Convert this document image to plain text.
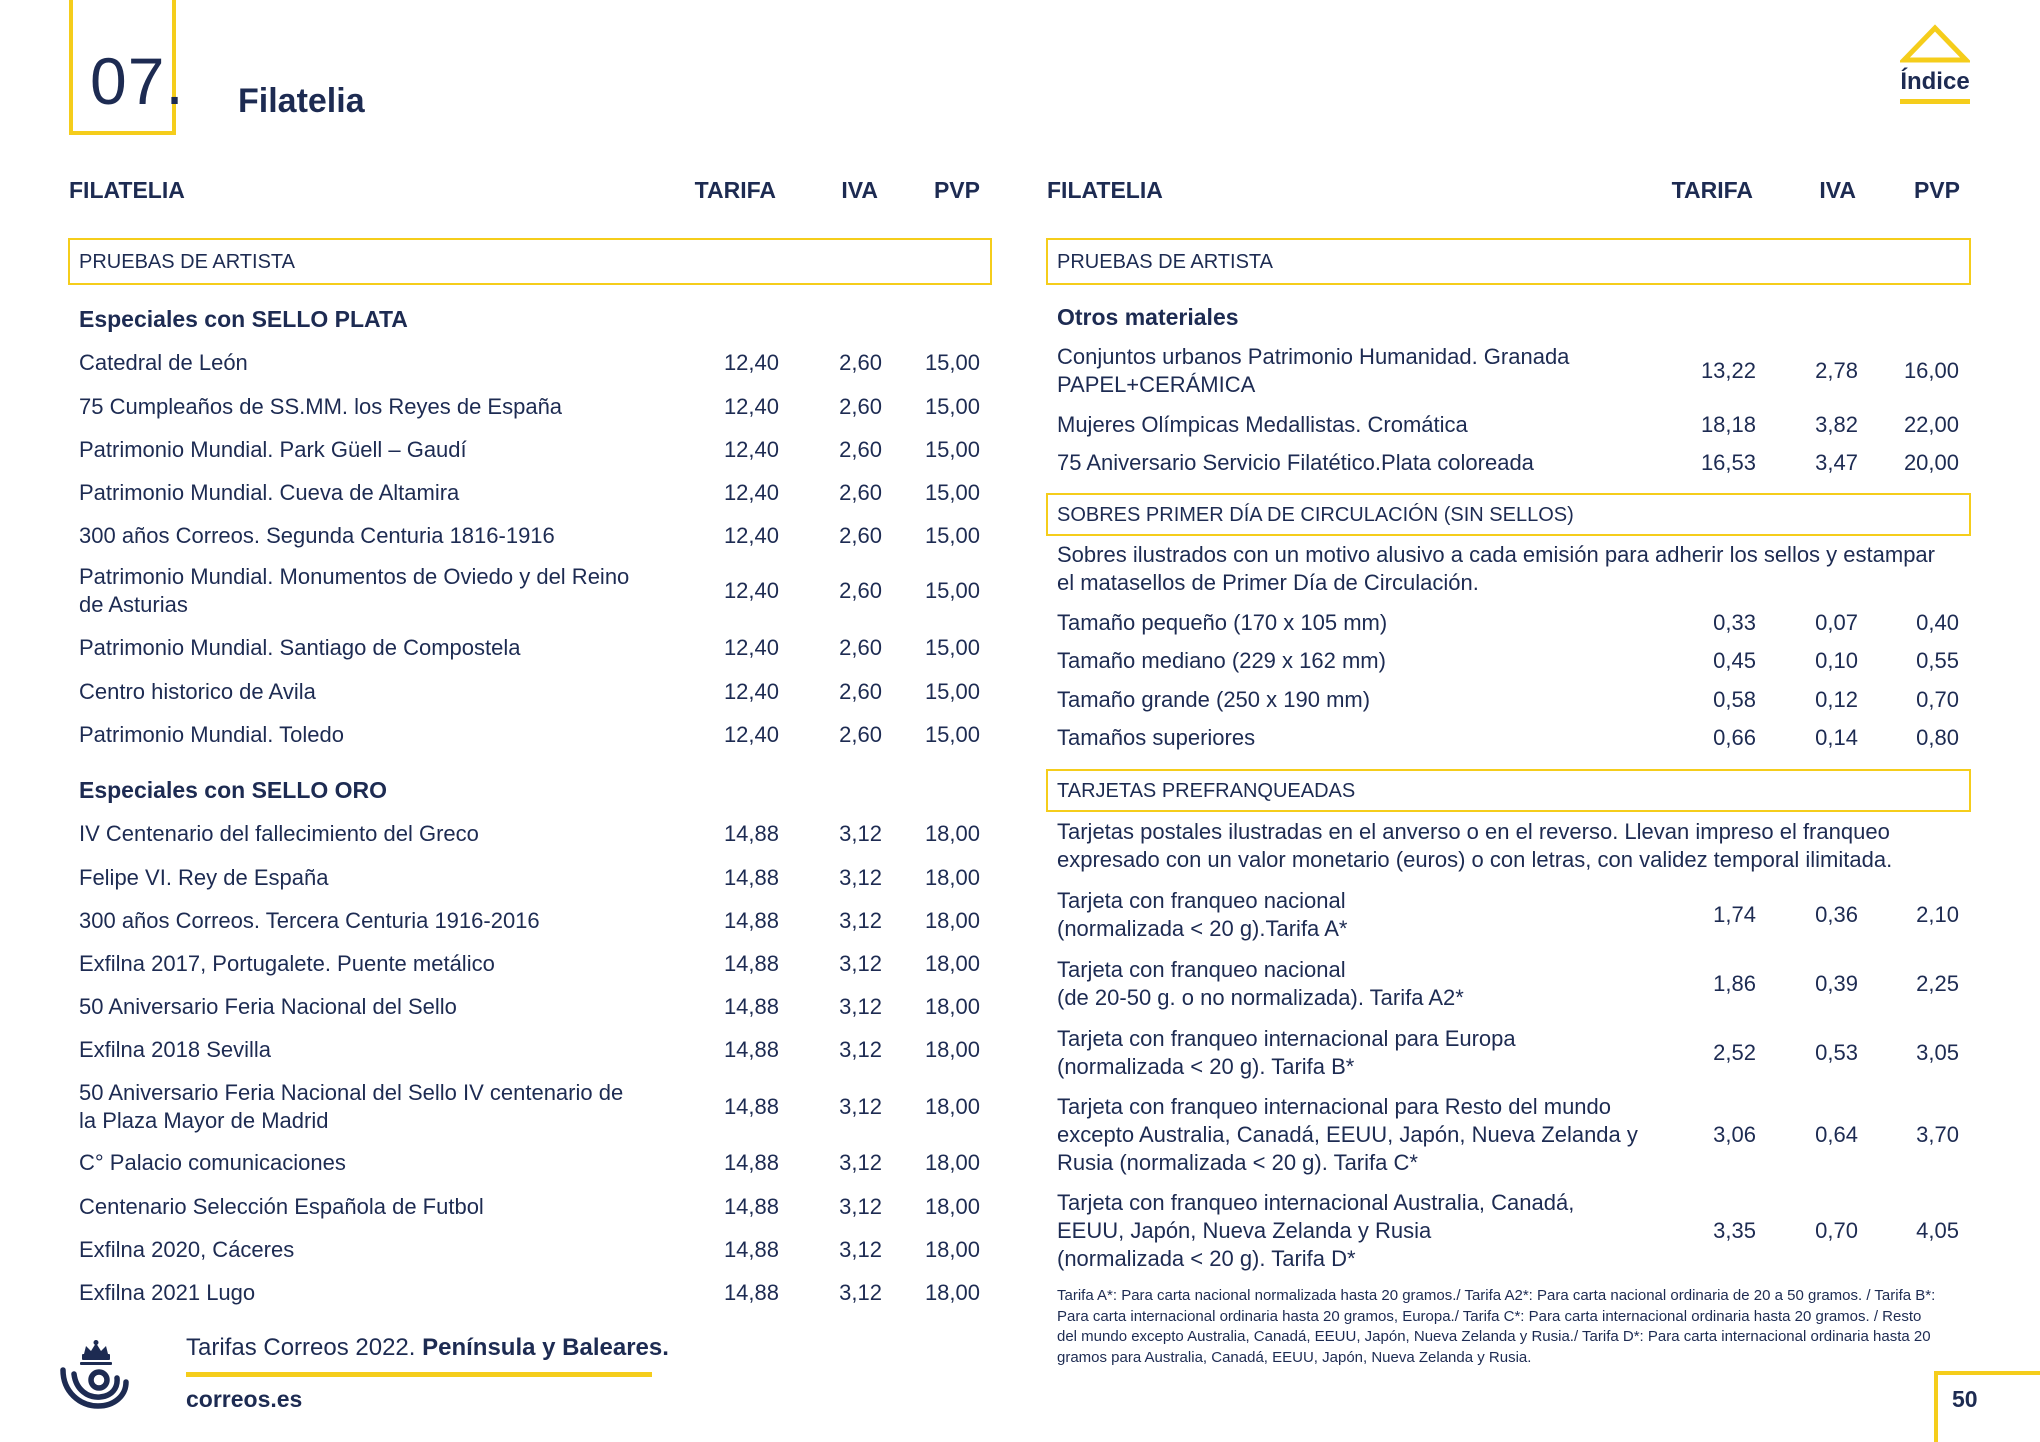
07. Filatelia
Índice
FILATELIA	TARIFA	IVA	PVP	FILATELIA	TARIFA	IVA	PVP
PRUEBAS DE ARTISTA
Especiales con SELLO PLATA
Catedral de León	12,40	2,60	15,00
75 Cumpleaños de SS.MM. los Reyes de España	12,40	2,60	15,00
Patrimonio Mundial. Park Güell – Gaudí	12,40	2,60	15,00
Patrimonio Mundial. Cueva de Altamira	12,40	2,60	15,00
300 años Correos. Segunda Centuria 1816-1916	12,40	2,60	15,00
Patrimonio Mundial. Monumentos de Oviedo y del Reino de Asturias
12,40	2,60	15,00
Patrimonio Mundial. Santiago de Compostela	12,40	2,60	15,00
Centro historico de Avila	12,40	2,60	15,00
Patrimonio Mundial. Toledo	12,40	2,60	15,00
Especiales con SELLO ORO
IV Centenario del fallecimiento del Greco	14,88	3,12	18,00
Felipe VI. Rey de España	14,88	3,12	18,00
300 años Correos. Tercera Centuria 1916-2016	14,88	3,12	18,00
Exfilna 2017, Portugalete. Puente metálico	14,88	3,12	18,00
50 Aniversario Feria Nacional del Sello	14,88	3,12	18,00
Exfilna 2018 Sevilla	14,88	3,12	18,00
50 Aniversario Feria Nacional del Sello IV centenario de la Plaza Mayor de Madrid
14,88	3,12	18,00
C° Palacio comunicaciones	14,88	3,12	18,00
Centenario Selección Española de Futbol	14,88	3,12	18,00
Exfilna 2020, Cáceres	14,88	3,12	18,00
Exfilna 2021 Lugo	14,88	3,12	18,00
PRUEBAS DE ARTISTA
Otros materiales
Conjuntos urbanos Patrimonio Humanidad. Granada PAPEL+CERÁMICA
13,22	2,78	16,00
Mujeres Olímpicas Medallistas. Cromática	18,18	3,82	22,00
75 Aniversario Servicio Filatético.Plata coloreada	16,53	3,47	20,00
SOBRES PRIMER DÍA DE CIRCULACIÓN (SIN SELLOS)
Sobres ilustrados con un motivo alusivo a cada emisión para adherir los sellos y estampar el matasellos de Primer Día de Circulación.
Tamaño pequeño (170 x 105 mm)	0,33	0,07	0,40
Tamaño mediano (229 x 162 mm)	0,45	0,10	0,55
Tamaño grande (250 x 190 mm)	0,58	0,12	0,70
Tamaños superiores	0,66	0,14	0,80
TARJETAS PREFRANQUEADAS
Tarjetas postales ilustradas en el anverso o en el reverso. Llevan impreso el franqueo expresado con un valor monetario (euros) o con letras, con validez temporal ilimitada.
Tarjeta con franqueo nacional
(normalizada < 20 g).Tarifa A*
1,74	0,36	2,10
Tarjeta con franqueo nacional
(de 20-50 g. o no normalizada). Tarifa A2*
1,86	0,39	2,25
Tarjeta con franqueo internacional para Europa
(normalizada < 20 g). Tarifa B*
2,52	0,53	3,05
Tarjeta con franqueo internacional para Resto del mundo excepto Australia, Canadá, EEUU, Japón, Nueva Zelanda y Rusia (normalizada < 20 g). Tarifa C*
3,06	0,64	3,70
Tarjeta con franqueo internacional Australia, Canadá, EEUU, Japón, Nueva Zelanda y Rusia
(normalizada < 20 g). Tarifa D*
3,35	0,70	4,05
Tarifa A*: Para carta nacional normalizada hasta 20 gramos./ Tarifa A2*: Para carta nacional ordinaria de 20 a 50 gramos. / Tarifa B*: Para carta internacional ordinaria hasta 20 gramos, Europa./ Tarifa C*: Para carta internacional ordinaria hasta 20 gramos. / Resto del mundo excepto Australia, Canadá, EEUU, Japón, Nueva Zelanda y Rusia./ Tarifa D*: Para carta internacional ordinaria hasta 20 gramos para Australia, Canadá, EEUU, Japón, Nueva Zelanda y Rusia.
Tarifas Correos 2022. Península y Baleares.
correos.es	50
